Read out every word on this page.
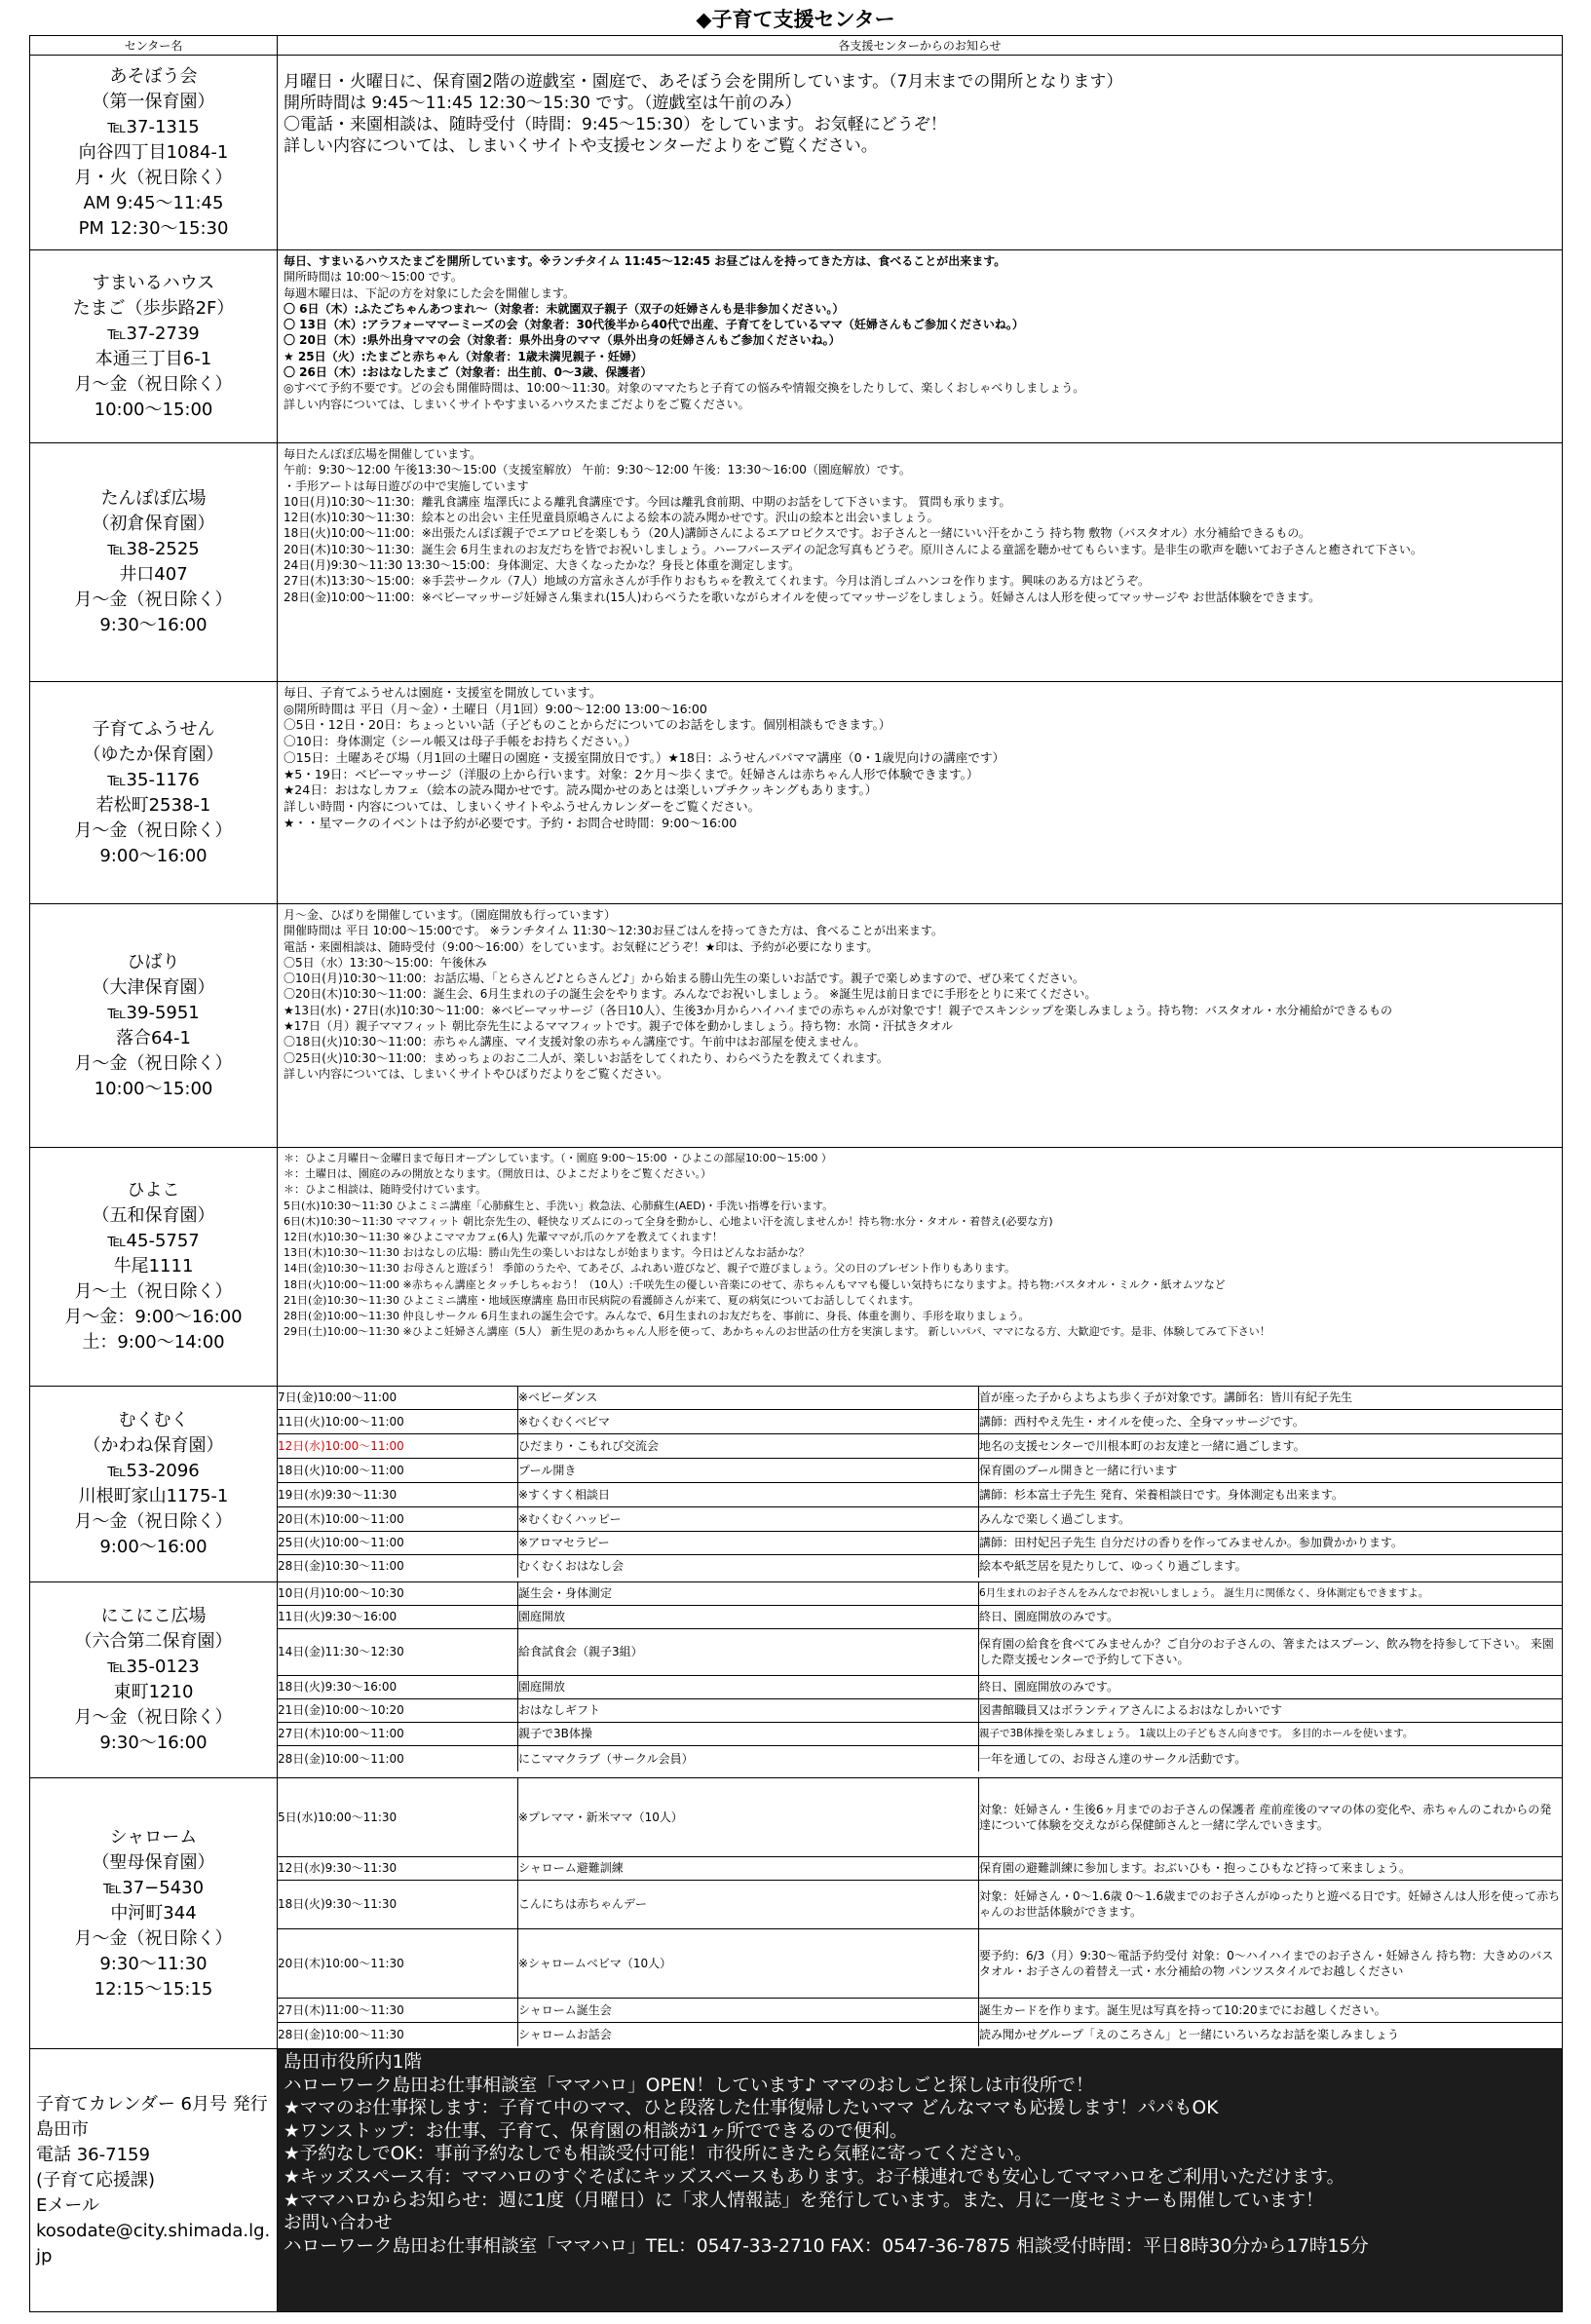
◆子育て支援センター
センター名	各支援センターからのお知らせ

あそぼう会
（第一保育園）
℡37-1315
向谷四丁目1084-1
月・火（祝日除く）
AM 9:45〜11:45
PM 12:30〜15:30

月曜日・火曜日に、保育園2階の遊戯室・園庭で、あそぼう会を開所しています。（7月末までの開所となります）
開所時間は 9:45〜11:45 12:30〜15:30 です。（遊戯室は午前のみ）
〇電話・来園相談は、随時受付（時間：9:45〜15:30）をしています。お気軽にどうぞ！
詳しい内容については、しまいくサイトや支援センターだよりをご覧ください。

すまいるハウス
たまご（歩歩路2F）
℡37-2739
本通三丁目6-1
月〜金（祝日除く）
10:00〜15:00

毎日、すまいるハウスたまごを開所しています。※ランチタイム 11:45〜12:45 お昼ごはんを持ってきた方は、食べることが出来ます。
開所時間は 10:00〜15:00 です。
毎週木曜日は、下記の方を対象にした会を開催します。
〇 6日（木）:ふたごちゃんあつまれ〜（対象者：未就園双子親子（双子の妊婦さんも是非参加ください。）
〇 13日（木）:アラフォーママーミーズの会（対象者：30代後半から40代で出産、子育てをしているママ（妊婦さんもご参加くださいね。）
〇 20日（木）:県外出身ママの会（対象者：県外出身のママ（県外出身の妊婦さんもご参加くださいね。）
★ 25日（火）:たまごと赤ちゃん（対象者：1歳未満児親子・妊婦）
〇 26日（木）:おはなしたまご（対象者：出生前、0〜3歳、保護者）
◎すべて予約不要です。どの会も開催時間は、10:00〜11:30。対象のママたちと子育ての悩みや情報交換をしたりして、楽しくおしゃべりしましょう。
詳しい内容については、しまいくサイトやすまいるハウスたまごだよりをご覧ください。

たんぽぽ広場
（初倉保育園）
℡38-2525
井口407
月〜金（祝日除く）
9:30〜16:00

毎日たんぽぽ広場を開催しています。
午前：9:30〜12:00 午後13:30〜15:00（支援室解放） 午前：9:30〜12:00 午後：13:30〜16:00（園庭解放）です。
・手形アートは毎日遊びの中で実施しています
10日(月)10:30〜11:30：離乳食講座 塩澤氏による離乳食講座です。今回は離乳食前期、中期のお話をして下さいます。 質問も承ります。
12日(水)10:30〜11:30：絵本との出会い 主任児童員原嶋さんによる絵本の読み聞かせです。沢山の絵本と出会いましょう。
18日(火)10:00〜11:00：※出張たんぽぽ親子でエアロビを楽しもう（20人)講師さんによるエアロビクスです。お子さんと一緒にいい汗をかこう 持ち物 敷物（バスタオル）水分補給できるもの。
20日(木)10:30〜11:30：誕生会 6月生まれのお友だちを皆でお祝いしましょう。ハーフバースデイの記念写真もどうぞ。原川さんによる童謡を聴かせてもらいます。是非生の歌声を聴いてお子さんと癒されて下さい。
24日(月)9:30〜11:30 13:30〜15:00：身体測定、大きくなったかな？身長と体重を測定します。
27日(木)13:30〜15:00：※手芸サークル（7人）地域の方富永さんが手作りおもちゃを教えてくれます。今月は消しゴムハンコを作ります。興味のある方はどうぞ。
28日(金)10:00〜11:00：※ベビーマッサージ妊婦さん集まれ(15人)わらべうたを歌いながらオイルを使ってマッサージをしましょう。妊婦さんは人形を使ってマッサージや お世話体験をできます。

子育てふうせん
（ゆたか保育園）
℡35-1176
若松町2538-1
月〜金（祝日除く）
9:00〜16:00

毎日、子育てふうせんは園庭・支援室を開放しています。
◎開所時間は 平日（月〜金）・土曜日（月1回）9:00〜12:00 13:00〜16:00
〇5日・12日・20日：ちょっといい話（子どものことからだについてのお話をします。個別相談もできます。）
〇10日：身体測定（シール帳又は母子手帳をお持ちください。）
〇15日：土曜あそび場（月1回の土曜日の園庭・支援室開放日です。）★18日：ふうせんパパママ講座（0・1歳児向けの講座です）
★5・19日：ベビーマッサージ（洋服の上から行います。対象：2ケ月〜歩くまで。妊婦さんは赤ちゃん人形で体験できます。）
★24日：おはなしカフェ（絵本の読み聞かせです。読み聞かせのあとは楽しいプチクッキングもあります。）
詳しい時間・内容については、しまいくサイトやふうせんカレンダーをご覧ください。
★・・星マークのイベントは予約が必要です。予約・お問合せ時間：9:00〜16:00

ひばり
（大津保育園）
℡39-5951
落合64-1
月〜金（祝日除く）
10:00〜15:00

月〜金、ひばりを開催しています。（園庭開放も行っています）
開催時間は 平日 10:00〜15:00です。 ※ランチタイム 11:30〜12:30お昼ごはんを持ってきた方は、食べることが出来ます。
電話・来園相談は、随時受付（9:00〜16:00）をしています。お気軽にどうぞ！★印は、予約が必要になります。
〇5日（水）13:30〜15:00：午後休み
〇10日(月)10:30〜11:00：お話広場、「とらさんど♪とらさんど♪」から始まる勝山先生の楽しいお話です。親子で楽しめますので、ぜひ来てください。
〇20日(木)10:30〜11:00：誕生会、6月生まれの子の誕生会をやります。みんなでお祝いしましょう。 ※誕生児は前日までに手形をとりに来てください。
★13日(水)・27日(水)10:30〜11:00：※ベビーマッサージ（各日10人）、生後3か月からハイハイまでの赤ちゃんが対象です！親子でスキンシップを楽しみましょう。持ち物：バスタオル・水分補給ができるもの
★17日（月）親子ママフィット 朝比奈先生によるママフィットです。親子で体を動かしましょう。持ち物：水筒・汗拭きタオル
〇18日(火)10:30〜11:00：赤ちゃん講座、マイ支援対象の赤ちゃん講座です。午前中はお部屋を使えません。
〇25日(火)10:30〜11:00：まめっちょのおこ二人が、楽しいお話をしてくれたり、わらべうたを教えてくれます。
詳しい内容については、しまいくサイトやひばりだよりをご覧ください。

ひよこ
（五和保育園）
℡45-5757
牛尾1111
月〜土（祝日除く）
月〜金：9:00〜16:00
土：9:00〜14:00

＊：ひよこ月曜日〜金曜日まで毎日オープンしています。（・園庭 9:00〜15:00 ・ひよこの部屋10:00〜15:00 ）
＊：土曜日は、園庭のみの開放となります。（開放日は、ひよこだよりをご覧ください。）
＊：ひよこ相談は、随時受付けています。
5日(水)10:30〜11:30 ひよこミニ講座「心肺蘇生と、手洗い」救急法、心肺蘇生(AED)・手洗い指導を行います。
6日(木)10:30〜11:30 ママフィット 朝比奈先生の、軽快なリズムにのって全身を動かし、心地よい汗を流しませんか！持ち物:水分・タオル・着替え(必要な方)
12日(水)10:30〜11:30 ※ひよこママカフェ(6人) 先輩ママが,爪のケアを教えてくれます！
13日(木)10:30〜11:30 おはなしの広場：勝山先生の楽しいおはなしが始まります。今日はどんなお話かな？
14日(金)10:30〜11:30 お母さんと遊ぼう！ 季節のうたや、てあそび、ふれあい遊びなど、親子で遊びましょう。父の日のプレゼント作りもあります。
18日(火)10:00〜11:00 ※赤ちゃん講座とタッチしちゃおう！（10人）:千咲先生の優しい音楽にのせて、赤ちゃんもママも優しい気持ちになりますよ。持ち物:バスタオル・ミルク・紙オムツなど
21日(金)10:30〜11:30 ひよこミニ講座・地域医療講座 島田市民病院の看護師さんが来て、夏の病気についてお話ししてくれます。
28日(金)10:00〜11:30 仲良しサークル 6月生まれの誕生会です。みんなで、6月生まれのお友だちを、事前に、身長、体重を測り、手形を取りましょう。
29日(土)10:00〜11:30 ※ひよこ妊婦さん講座（5人） 新生児のあかちゃん人形を使って、あかちゃんのお世話の仕方を実演します。 新しいパパ、ママになる方、大歓迎です。是非、体験してみて下さい！

むくむく
（かわね保育園）
℡53-2096
川根町家山1175-1
月〜金（祝日除く）
9:00〜16:00

7日(金)10:00〜11:00	※ベビーダンス	首が座った子からよちよち歩く子が対象です。講師名：皆川有紀子先生
11日(火)10:00〜11:00	※むくむくベビマ	講師：西村やえ先生・オイルを使った、全身マッサージです。
12日(水)10:00〜11:00	ひだまり・こもれび交流会	地名の支援センターで川根本町のお友達と一緒に過ごします。
18日(火)10:00〜11:00	プール開き	保育園のプール開きと一緒に行います
19日(水)9:30〜11:30	※すくすく相談日	講師：杉本富士子先生 発育、栄養相談日です。身体測定も出来ます。
20日(木)10:00〜11:00	※むくむくハッピー	みんなで楽しく過ごします。
25日(火)10:00〜11:00	※アロマセラピー	講師：田村妃呂子先生 自分だけの香りを作ってみませんか。参加費かかります。
28日(金)10:30〜11:00	むくむくおはなし会	絵本や紙芝居を見たりして、ゆっくり過ごします。

にこにこ広場
（六合第二保育園）
℡35-0123
東町1210
月〜金（祝日除く）
9:30〜16:00

10日(月)10:00〜10:30	誕生会・身体測定	6月生まれのお子さんをみんなでお祝いしましょう。 誕生月に関係なく、身体測定もできますよ。
11日(火)9:30〜16:00	園庭開放	終日、園庭開放のみです。
14日(金)11:30〜12:30	給食試食会（親子3組）	保育園の給食を食べてみませんか？ご自分のお子さんの、箸またはスプーン、飲み物を持参して下さい。 来園した際支援センターで予約して下さい。
18日(火)9:30〜16:00	園庭開放	終日、園庭開放のみです。
21日(金)10:00〜10:20	おはなしギフト	図書館職員又はボランティアさんによるおはなしかいです
27日(木)10:00〜11:00	親子で3B体操	親子で3B体操を楽しみましょう。 1歳以上の子どもさん向きです。 多目的ホールを使います。
28日(金)10:00〜11:00	にこママクラブ（サークル会員）	一年を通しての、お母さん達のサークル活動です。

シャローム
（聖母保育園）
℡37−5430
中河町344
月〜金（祝日除く）
9:30〜11:30
12:15〜15:15

5日(水)10:00〜11:30	※プレママ・新米ママ（10人）	対象：妊婦さん・生後6ヶ月までのお子さんの保護者 産前産後のママの体の変化や、赤ちゃんのこれからの発達について体験を交えながら保健師さんと一緒に学んでいきます。
12日(水)9:30〜11:30	シャローム避難訓練	保育園の避難訓練に参加します。おぶいひも・抱っこひもなど持って来ましょう。
18日(火)9:30〜11:30	こんにちは赤ちゃんデー	対象：妊婦さん・0〜1.6歳 0〜1.6歳までのお子さんがゆったりと遊べる日です。妊婦さんは人形を使って赤ちゃんのお世話体験ができます。
20日(木)10:00〜11:30	※シャロームベビマ（10人）	要予約：6/3（月）9:30〜電話予約受付 対象：0〜ハイハイまでのお子さん・妊婦さん 持ち物：大きめのバスタオル・お子さんの着替え一式・水分補給の物 パンツスタイルでお越しください
27日(木)11:00〜11:30	シャローム誕生会	誕生カードを作ります。誕生児は写真を持って10:20までにお越しください。
28日(金)10:00〜11:30	シャロームお話会	読み聞かせグループ「えのころさん」と一緒にいろいろなお話を楽しみましょう

子育てカレンダー 6月号 発行 島田市
電話 36-7159
(子育て応援課)
Eメール
kosodate@city.shimada.lg.jp

島田市役所内1階
ハローワーク島田お仕事相談室「ママハロ」OPEN！しています♪ ママのおしごと探しは市役所で！
★ママのお仕事探します：子育て中のママ、ひと段落した仕事復帰したいママ どんなママも応援します！パパもOK
★ワンストップ：お仕事、子育て、保育園の相談が1ヶ所でできるので便利。
★予約なしでOK：事前予約なしでも相談受付可能！市役所にきたら気軽に寄ってください。
★キッズスペース有：ママハロのすぐそばにキッズスペースもあります。お子様連れでも安心してママハロをご利用いただけます。
★ママハロからお知らせ：週に1度（月曜日）に「求人情報誌」を発行しています。また、月に一度セミナーも開催しています！
お問い合わせ
ハローワーク島田お仕事相談室「ママハロ」TEL：0547-33-2710 FAX：0547-36-7875 相談受付時間：平日8時30分から17時15分
